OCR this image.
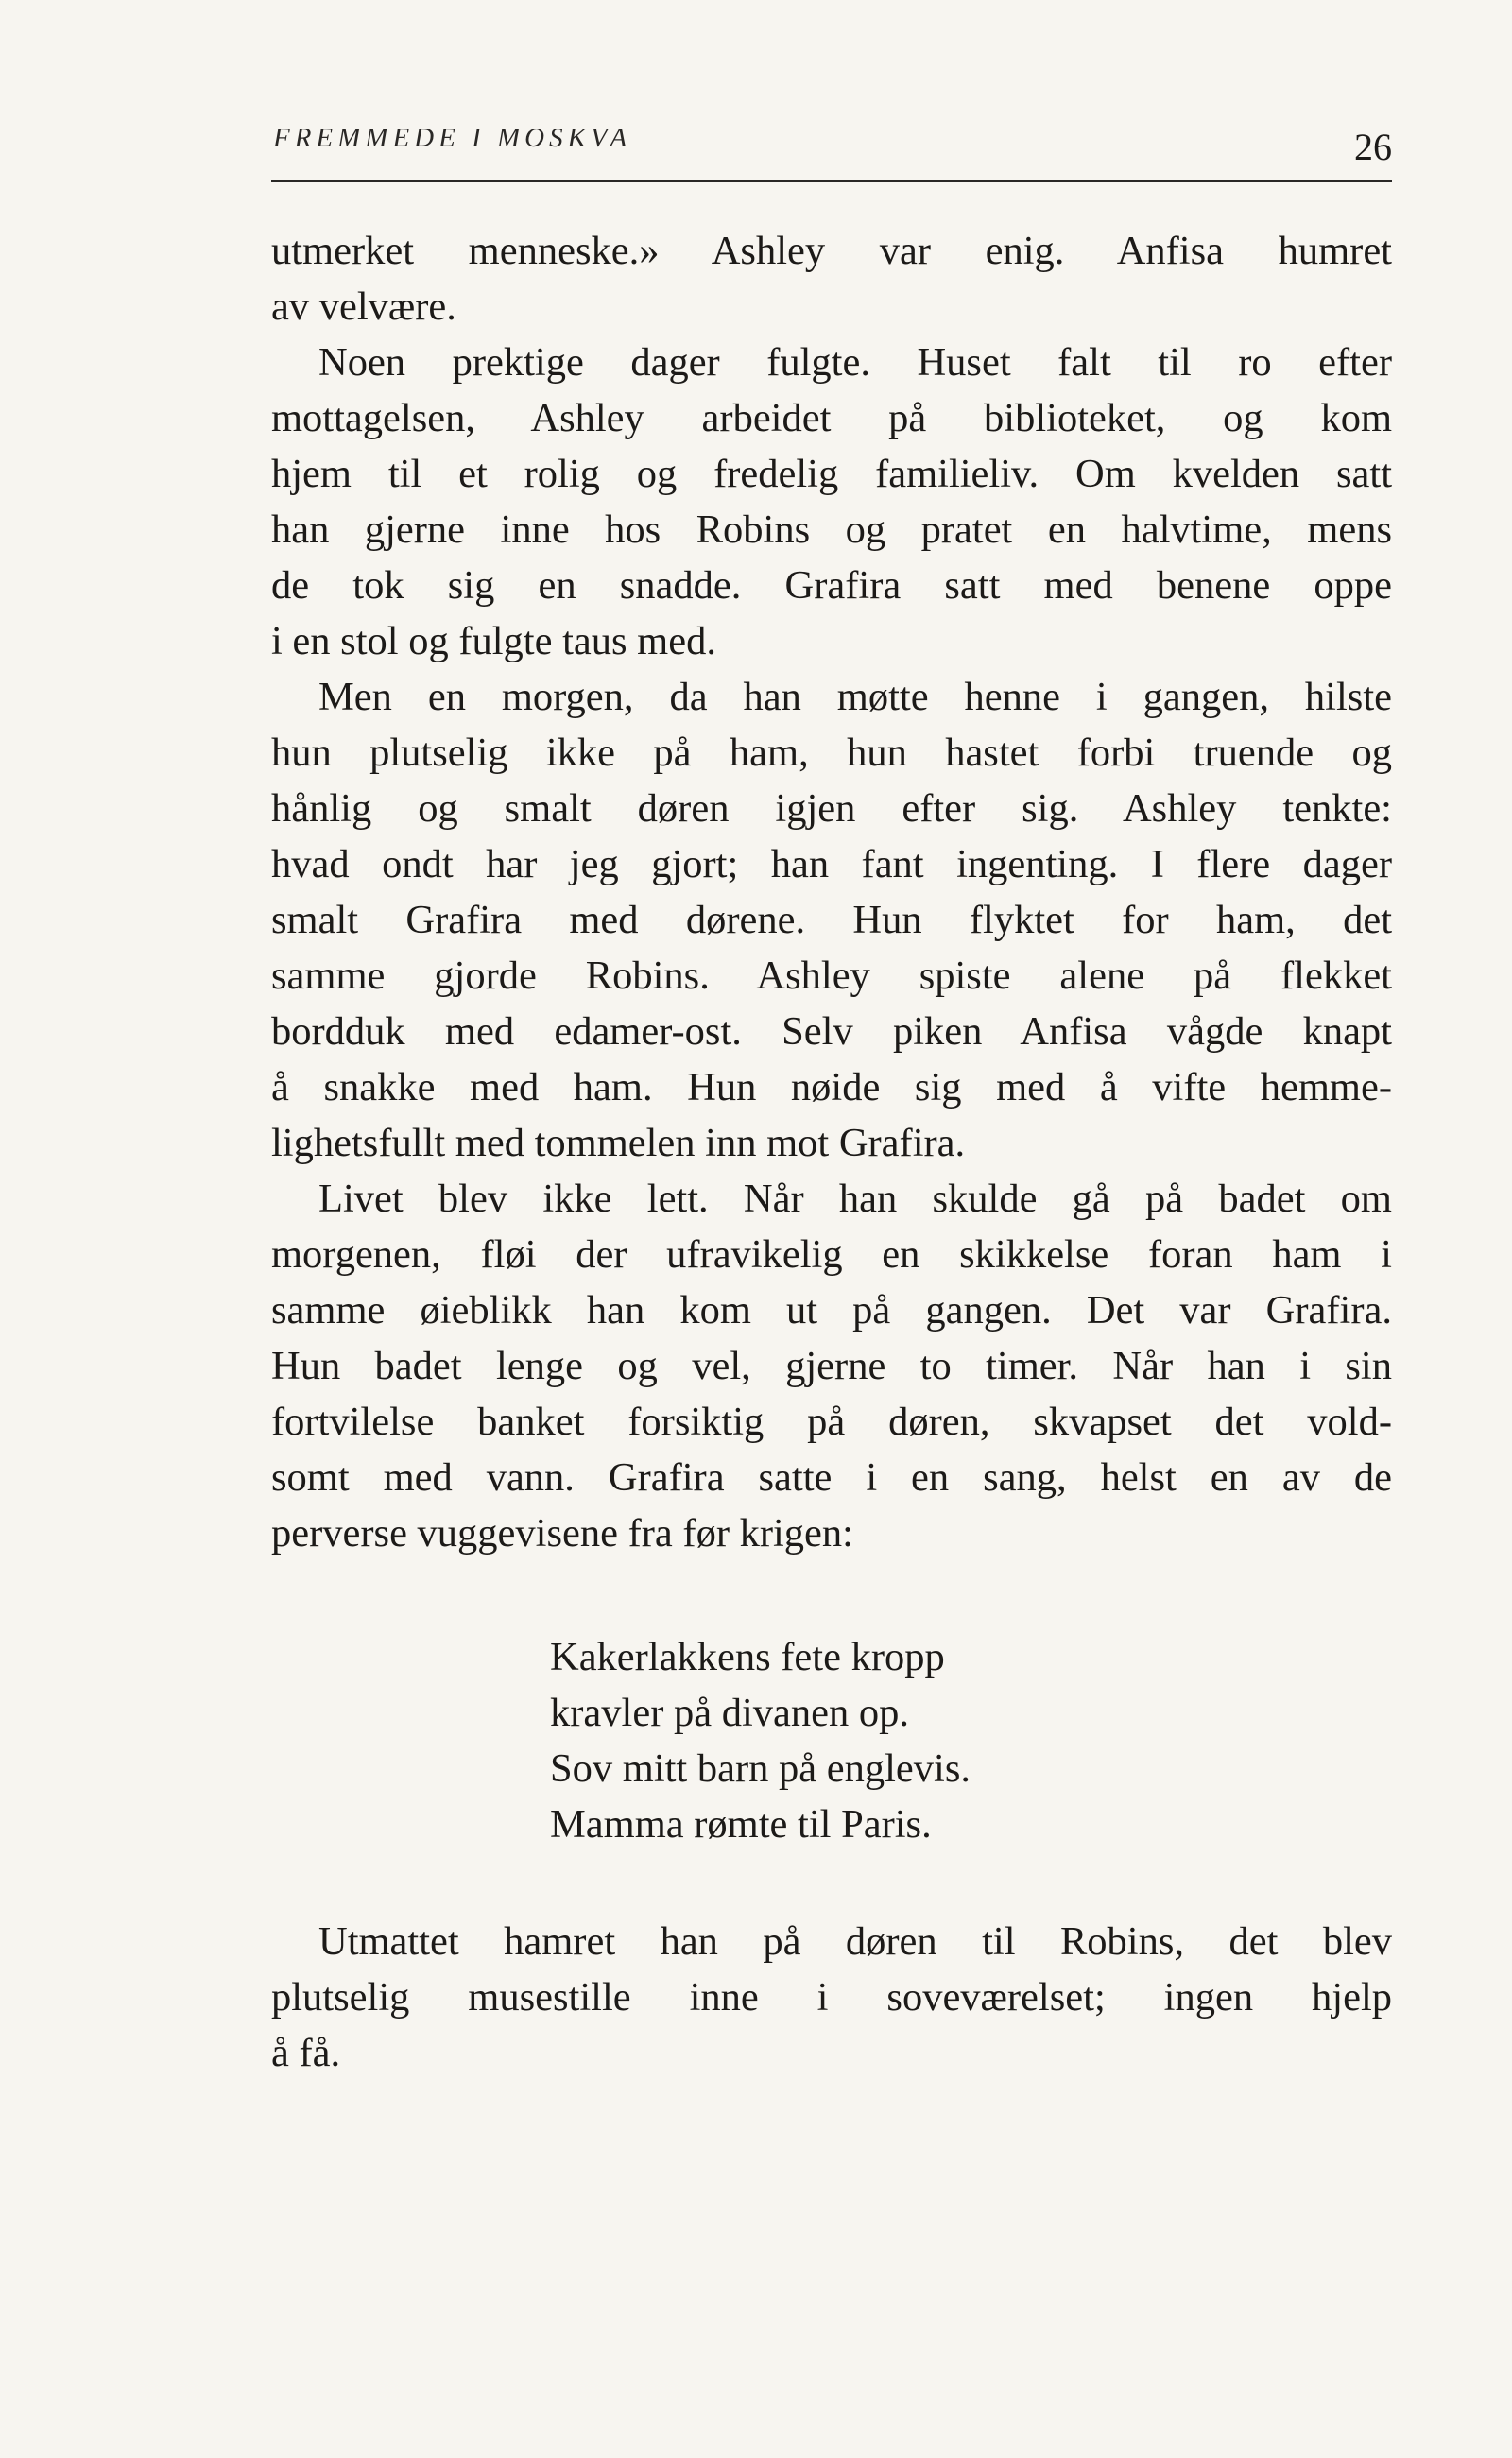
FREMMEDE I MOSKVA	26
utmerket menneske.» Ashley var enig. Anfisa humret
av velvære.
Noen prektige dager fulgte. Huset falt til ro efter
mottagelsen, Ashley arbeidet på biblioteket, og kom
hjem til et rolig og fredelig familieliv. Om kvelden satt
han gjerne inne hos Robins og pratet en halvtime, mens
de tok sig en snadde. Grafira satt med benene oppe
i en stol og fulgte taus med.
Men en morgen, da han møtte henne i gangen, hilste
hun plutselig ikke på ham, hun hastet forbi truende og
hånlig og smalt døren igjen efter sig. Ashley tenkte:
hvad ondt har jeg gjort; han fant ingenting. I flere dager
smalt Grafira med dørene. Hun flyktet for ham, det
samme gjorde Robins. Ashley spiste alene på flekket
bordduk med edamer-ost. Selv piken Anfisa vågde knapt
å snakke med ham. Hun nøide sig med å vifte hemme-
lighetsfullt med tommelen inn mot Grafira.
Livet blev ikke lett. Når han skulde gå på badet om
morgenen, fløi der ufravikelig en skikkelse foran ham i
samme øieblikk han kom ut på gangen. Det var Grafira.
Hun badet lenge og vel, gjerne to timer. Når han i sin
fortvilelse banket forsiktig på døren, skvapset det vold-
somt med vann. Grafira satte i en sang, helst en av de
perverse vuggevisene fra før krigen:
Kakerlakkens fete kropp
kravler på divanen op.
Sov mitt barn på englevis.
Mamma rømte til Paris.
Utmattet hamret han på døren til Robins, det blev
plutselig musestille inne i soveværelset; ingen hjelp
å få.
